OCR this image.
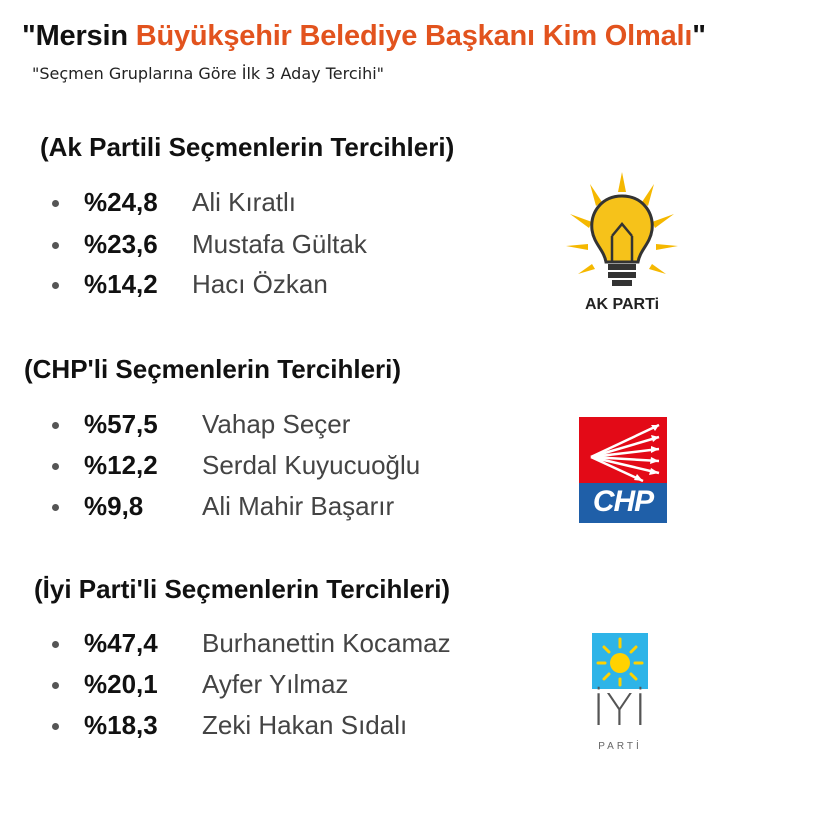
"Mersin Büyükşehir Belediye Başkanı Kim Olmalı"
"Seçmen Gruplarına Göre İlk 3 Aday Tercihi"
(Ak Partili Seçmenlerin Tercihleri)
%24,8 Ali Kıratlı
%23,6 Mustafa Gültak
%14,2 Hacı Özkan
AK PARTi
(CHP'li Seçmenlerin Tercihleri)
%57,5 Vahap Seçer
%12,2 Serdal Kuyucuoğlu
%9,8 Ali Mahir Başarır	CHP
(İyi Parti'li Seçmenlerin Tercihleri)
%47,4 Burhanettin Kocamaz
%20,1 Ayfer Yılmaz
%18,3 Zeki Hakan Sıdalı	İYİ
PARTİ
